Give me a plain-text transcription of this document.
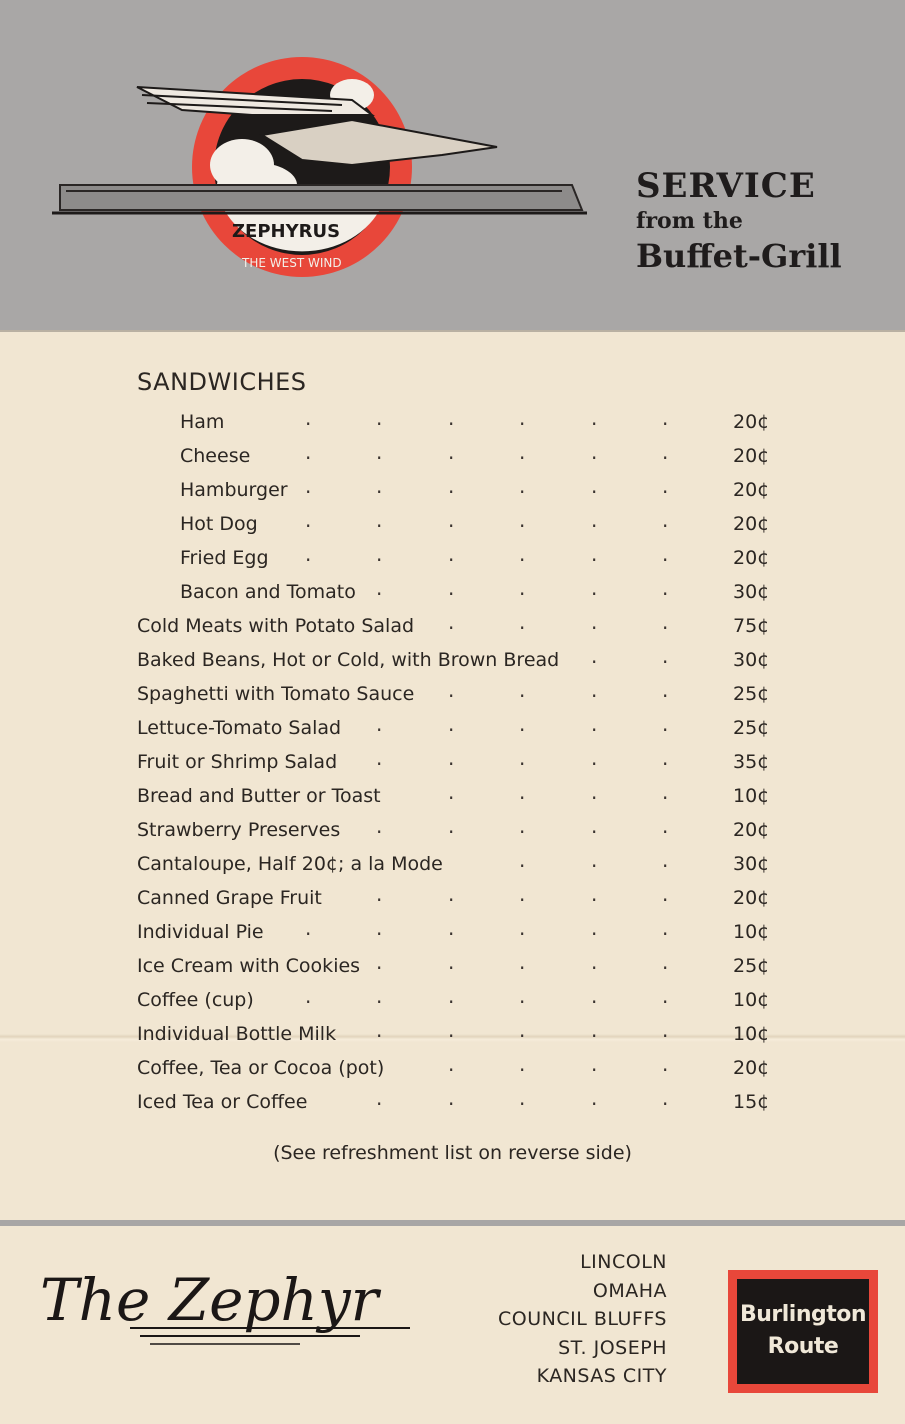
ZEPHYRUS
THE WEST WIND
SERVICE
from the
Buffet-Grill
SANDWICHES
Ham	.	.	.	.	.	.	20¢
Cheese	.	.	.	.	.	.	20¢
Hamburger .	.	.	.	.	.	20¢
Hot Dog .	.	.	.	.	.	20¢
Fried Egg .	.	.	.	.	.	20¢
Bacon and Tomato .	.	.	.	.	30¢
Cold Meats with Potato Salad .	.	.	.	75¢
Baked Beans, Hot or Cold, with Brown Bread .	.	30¢
Spaghetti with Tomato Sauce .	.	.	.	25¢
Lettuce-Tomato Salad .	.	.	.	.	25¢
Fruit or Shrimp Salad .	.	.	.	.	35¢
Bread and Butter or Toast	.	.	.	.	10¢
Strawberry Preserves .	.	.	.	.	20¢
Cantaloupe, Half 20¢; a la Mode	.	.	.	30¢
Canned Grape Fruit	.	.	.	.	.	20¢
Individual Pie .	.	.	.	.	.	10¢
Ice Cream with Cookies .	.	.	.	.	25¢
Coffee (cup)	.	.	.	.	.	.	10¢
Individual Bottle Milk .	.	.	.	.	10¢
Coffee, Tea or Cocoa (pot)	.	.	.	.	20¢
Iced Tea or Coffee	.	.	.	.	.	15¢
(See refreshment list on reverse side)
The Zephyr
LINCOLN
OMAHA
COUNCIL BLUFFS
ST. JOSEPH
KANSAS CITY
Burlington
Route
